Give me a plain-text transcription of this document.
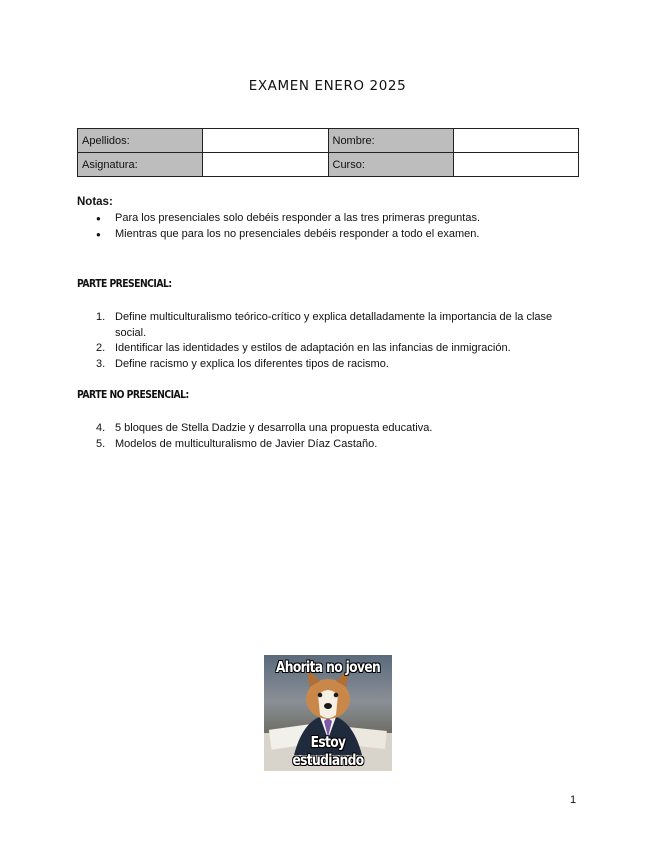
EXAMEN ENERO 2025
Apellidos:		Nombre:	
Asignatura:		Curso:	
Notas:
● Para los presenciales solo debéis responder a las tres primeras preguntas.
● Mientras que para los no presenciales debéis responder a todo el examen.
PARTE PRESENCIAL:
1. Define multiculturalismo teórico-crítico y explica detalladamente la importancia de la clase social.
2. Identificar las identidades y estilos de adaptación en las infancias de inmigración.
3. Define racismo y explica los diferentes tipos de racismo.
PARTE NO PRESENCIAL:
4. 5 bloques de Stella Dadzie y desarrolla una propuesta educativa.
5. Modelos de multiculturalismo de Javier Díaz Castaño.
Ahorita no joven
Estoy estudiando
1
